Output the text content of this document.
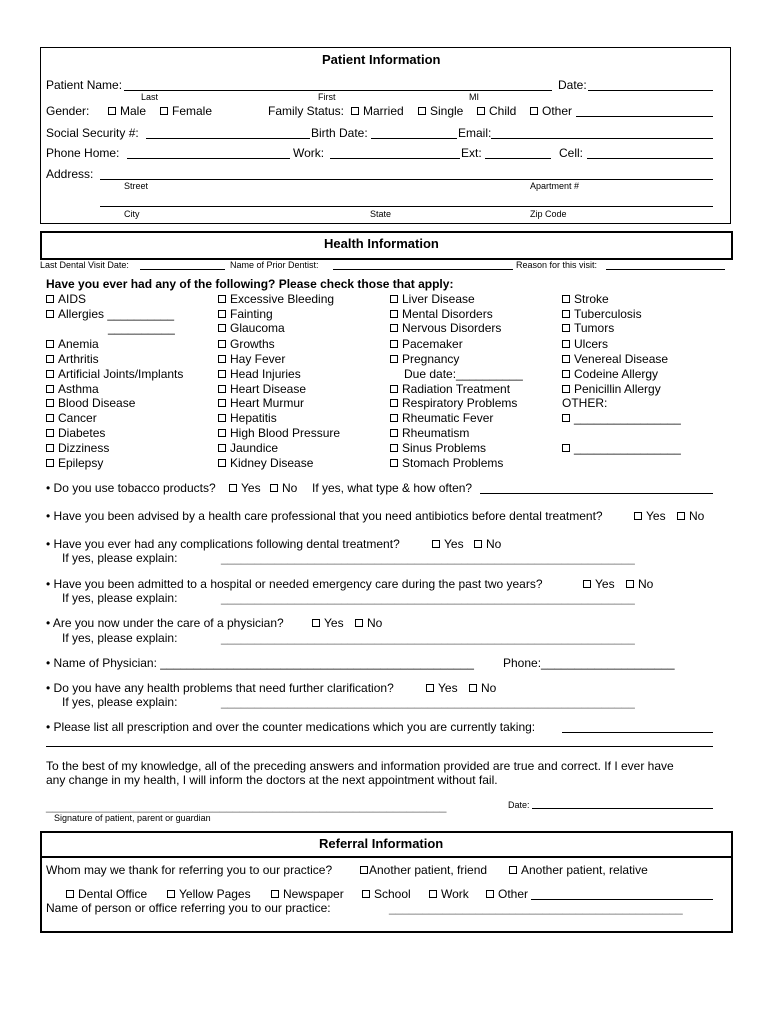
Patient Information
Patient Name:
Last	First	MI
Date:
Gender:	Male	Female	Family Status:	Married	Single	Child	Other
Social Security #:	Birth Date:	Email:
Phone Home:	Work:	Ext:	Cell:
Address:
Street	Apartment #
City	State	Zip Code
Health Information
Last Dental Visit Date:	Name of Prior Dentist:	Reason for this visit:
Have you ever had any of the following? Please check those that apply:
AIDS
Allergies __________
__________
Anemia
Arthritis
Artificial Joints/Implants
Asthma
Blood Disease
Cancer
Diabetes
Dizziness
Epilepsy
Excessive Bleeding
Fainting
Glaucoma
Growths
Hay Fever
Head Injuries
Heart Disease
Heart Murmur
Hepatitis
High Blood Pressure
Jaundice
Kidney Disease
Liver Disease
Mental Disorders
Nervous Disorders
Pacemaker
Pregnancy
Due date:__________
Radiation Treatment
Respiratory Problems
Rheumatic Fever
Rheumatism
Sinus Problems
Stomach Problems
Stroke
Tuberculosis
Tumors
Ulcers
Venereal Disease
Codeine Allergy
Penicillin Allergy
OTHER:
________________
________________
• Do you use tobacco products?	Yes	No If yes, what type & how often?
• Have you been advised by a health care professional that you need antibiotics before dental treatment?	Yes	No
• Have you ever had any complications following dental treatment?	Yes	No
If yes, please explain:	______________________________________________________________
• Have you been admitted to a hospital or needed emergency care during the past two years?	Yes	No
If yes, please explain:	______________________________________________________________
• Are you now under the care of a physician?	Yes	No
If yes, please explain:	______________________________________________________________
• Name of Physician: _______________________________________________ Phone:____________________
• Do you have any health problems that need further clarification?	Yes	No
If yes, please explain:	______________________________________________________________
• Please list all prescription and over the counter medications which you are currently taking:
To the best of my knowledge, all of the preceding answers and information provided are true and correct. If I ever have
any change in my health, I will inform the doctors at the next appointment without fail.
____________________________________________________________	Date:
Signature of patient, parent or guardian
Referral Information
Whom may we thank for referring you to our practice?	Another patient, friend	Another patient, relative
Dental Office	Yellow Pages	Newspaper	School	Work	Other
Name of person or office referring you to our practice:	____________________________________________
